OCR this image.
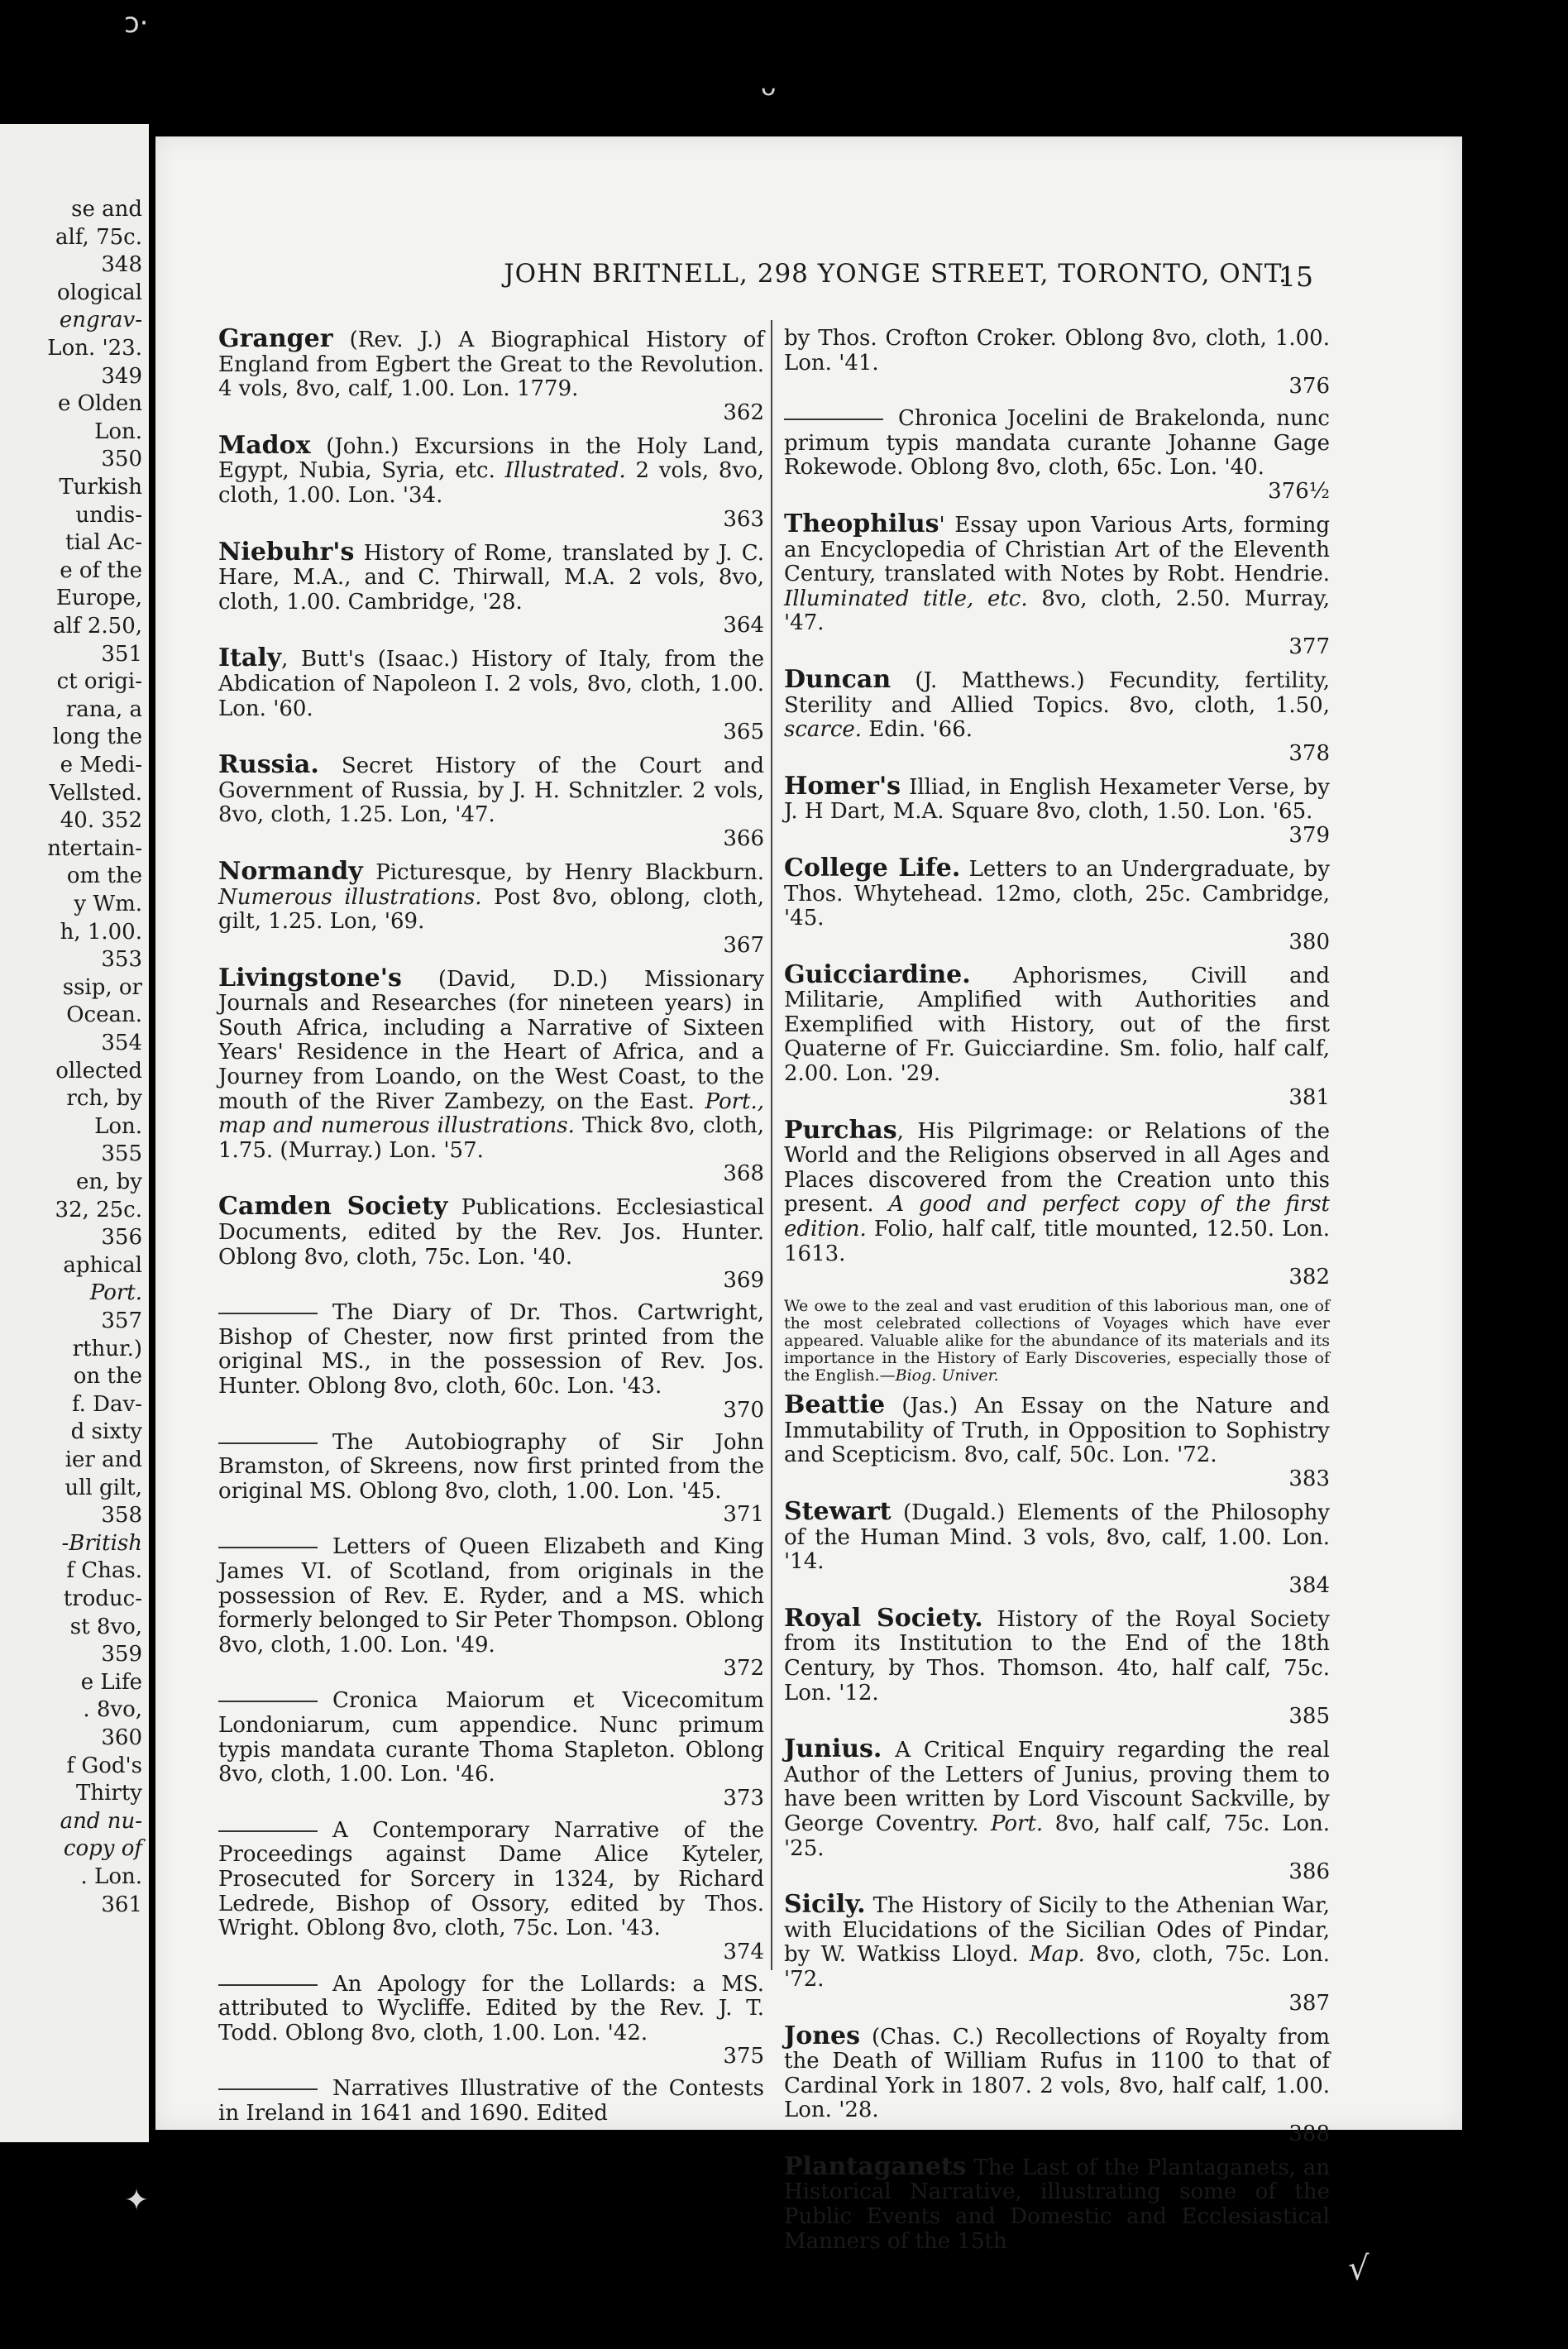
ↄ·
ᴗ
✦
√
se and
alf, 75c.
348
ological
engrav-
Lon. '23.
349
e Olden
Lon.
350
Turkish
undis-
tial Ac-
e of the
Europe,
alf 2.50,
351
ct origi-
rana, a
long the
e Medi-
Vellsted.
40. 352
ntertain-
om the
y Wm.
h, 1.00.
353
ssip, or
Ocean.
354
ollected
rch, by
Lon.
355
en, by
32, 25c.
356
aphical
Port.
357
rthur.)
on the
f. Dav-
d sixty
ier and
ull gilt,
358
-British
f Chas.
troduc-
st 8vo,
359
e Life
. 8vo,
360
f God's
Thirty
and nu-
copy of
. Lon.
361
JOHN BRITNELL, 298 YONGE STREET, TORONTO, ONT.
15
Granger (Rev. J.) A Biographical History of England from Egbert the Great to the Revolution. 4 vols, 8vo, calf, 1.00. Lon. 1779.
362
Madox (John.) Excursions in the Holy Land, Egypt, Nubia, Syria, etc. Illustrated. 2 vols, 8vo, cloth, 1.00. Lon. '34.
363
Niebuhr's History of Rome, translated by J. C. Hare, M.A., and C. Thirwall, M.A. 2 vols, 8vo, cloth, 1.00. Cambridge, '28.
364
Italy, Butt's (Isaac.) History of Italy, from the Abdication of Napoleon I. 2 vols, 8vo, cloth, 1.00. Lon. '60.
365
Russia. Secret History of the Court and Government of Russia, by J. H. Schnitzler. 2 vols, 8vo, cloth, 1.25. Lon, '47.
366
Normandy Picturesque, by Henry Blackburn. Numerous illustrations. Post 8vo, oblong, cloth, gilt, 1.25. Lon, '69.
367
Livingstone's (David, D.D.) Missionary Journals and Researches (for nineteen years) in South Africa, including a Narrative of Sixteen Years' Residence in the Heart of Africa, and a Journey from Loando, on the West Coast, to the mouth of the River Zambezy, on the East. Port., map and numerous illustrations. Thick 8vo, cloth, 1.75. (Murray.) Lon. '57.
368
Camden Society Publications. Ecclesiastical Documents, edited by the Rev. Jos. Hunter. Oblong 8vo, cloth, 75c. Lon. '40.
369
The Diary of Dr. Thos. Cartwright, Bishop of Chester, now first printed from the original MS., in the possession of Rev. Jos. Hunter. Oblong 8vo, cloth, 60c. Lon. '43.
370
The Autobiography of Sir John Bramston, of Skreens, now first printed from the original MS. Oblong 8vo, cloth, 1.00. Lon. '45.
371
Letters of Queen Elizabeth and King James VI. of Scotland, from originals in the possession of Rev. E. Ryder, and a MS. which formerly belonged to Sir Peter Thompson. Oblong 8vo, cloth, 1.00. Lon. '49.
372
Cronica Maiorum et Vicecomitum Londoniarum, cum appendice. Nunc primum typis mandata curante Thoma Stapleton. Oblong 8vo, cloth, 1.00. Lon. '46.
373
A Contemporary Narrative of the Proceedings against Dame Alice Kyteler, Prosecuted for Sorcery in 1324, by Richard Ledrede, Bishop of Ossory, edited by Thos. Wright. Oblong 8vo, cloth, 75c. Lon. '43.
374
An Apology for the Lollards: a MS. attributed to Wycliffe. Edited by the Rev. J. T. Todd. Oblong 8vo, cloth, 1.00. Lon. '42.
375
Narratives Illustrative of the Contests in Ireland in 1641 and 1690. Edited
by Thos. Crofton Croker. Oblong 8vo, cloth, 1.00. Lon. '41.
376
Chronica Jocelini de Brakelonda, nunc primum typis mandata curante Johanne Gage Rokewode. Oblong 8vo, cloth, 65c. Lon. '40.
376½
Theophilus' Essay upon Various Arts, forming an Encyclopedia of Christian Art of the Eleventh Century, translated with Notes by Robt. Hendrie. Illuminated title, etc. 8vo, cloth, 2.50. Murray, '47.
377
Duncan (J. Matthews.) Fecundity, fertility, Sterility and Allied Topics. 8vo, cloth, 1.50, scarce. Edin. '66.
378
Homer's Illiad, in English Hexameter Verse, by J. H Dart, M.A. Square 8vo, cloth, 1.50. Lon. '65.
379
College Life. Letters to an Undergraduate, by Thos. Whytehead. 12mo, cloth, 25c. Cambridge, '45.
380
Guicciardine. Aphorismes, Civill and Militarie, Amplified with Authorities and Exemplified with History, out of the first Quaterne of Fr. Guicciardine. Sm. folio, half calf, 2.00. Lon. '29.
381
Purchas, His Pilgrimage: or Relations of the World and the Religions observed in all Ages and Places discovered from the Creation unto this present. A good and perfect copy of the first edition. Folio, half calf, title mounted, 12.50. Lon. 1613.
382
We owe to the zeal and vast erudition of this laborious man, one of the most celebrated collections of Voyages which have ever appeared. Valuable alike for the abundance of its materials and its importance in the History of Early Discoveries, especially those of the English.—Biog. Univer.
Beattie (Jas.) An Essay on the Nature and Immutability of Truth, in Opposition to Sophistry and Scepticism. 8vo, calf, 50c. Lon. '72.
383
Stewart (Dugald.) Elements of the Philosophy of the Human Mind. 3 vols, 8vo, calf, 1.00. Lon. '14.
384
Royal Society. History of the Royal Society from its Institution to the End of the 18th Century, by Thos. Thomson. 4to, half calf, 75c. Lon. '12.
385
Junius. A Critical Enquiry regarding the real Author of the Letters of Junius, proving them to have been written by Lord Viscount Sackville, by George Coventry. Port. 8vo, half calf, 75c. Lon. '25.
386
Sicily. The History of Sicily to the Athenian War, with Elucidations of the Sicilian Odes of Pindar, by W. Watkiss Lloyd. Map. 8vo, cloth, 75c. Lon. '72.
387
Jones (Chas. C.) Recollections of Royalty from the Death of William Rufus in 1100 to that of Cardinal York in 1807. 2 vols, 8vo, half calf, 1.00. Lon. '28.
388
Plantaganets The Last of the Plantaganets, an Historical Narrative, illustrating some of the Public Events and Domestic and Ecclesiastical Manners of the 15th
